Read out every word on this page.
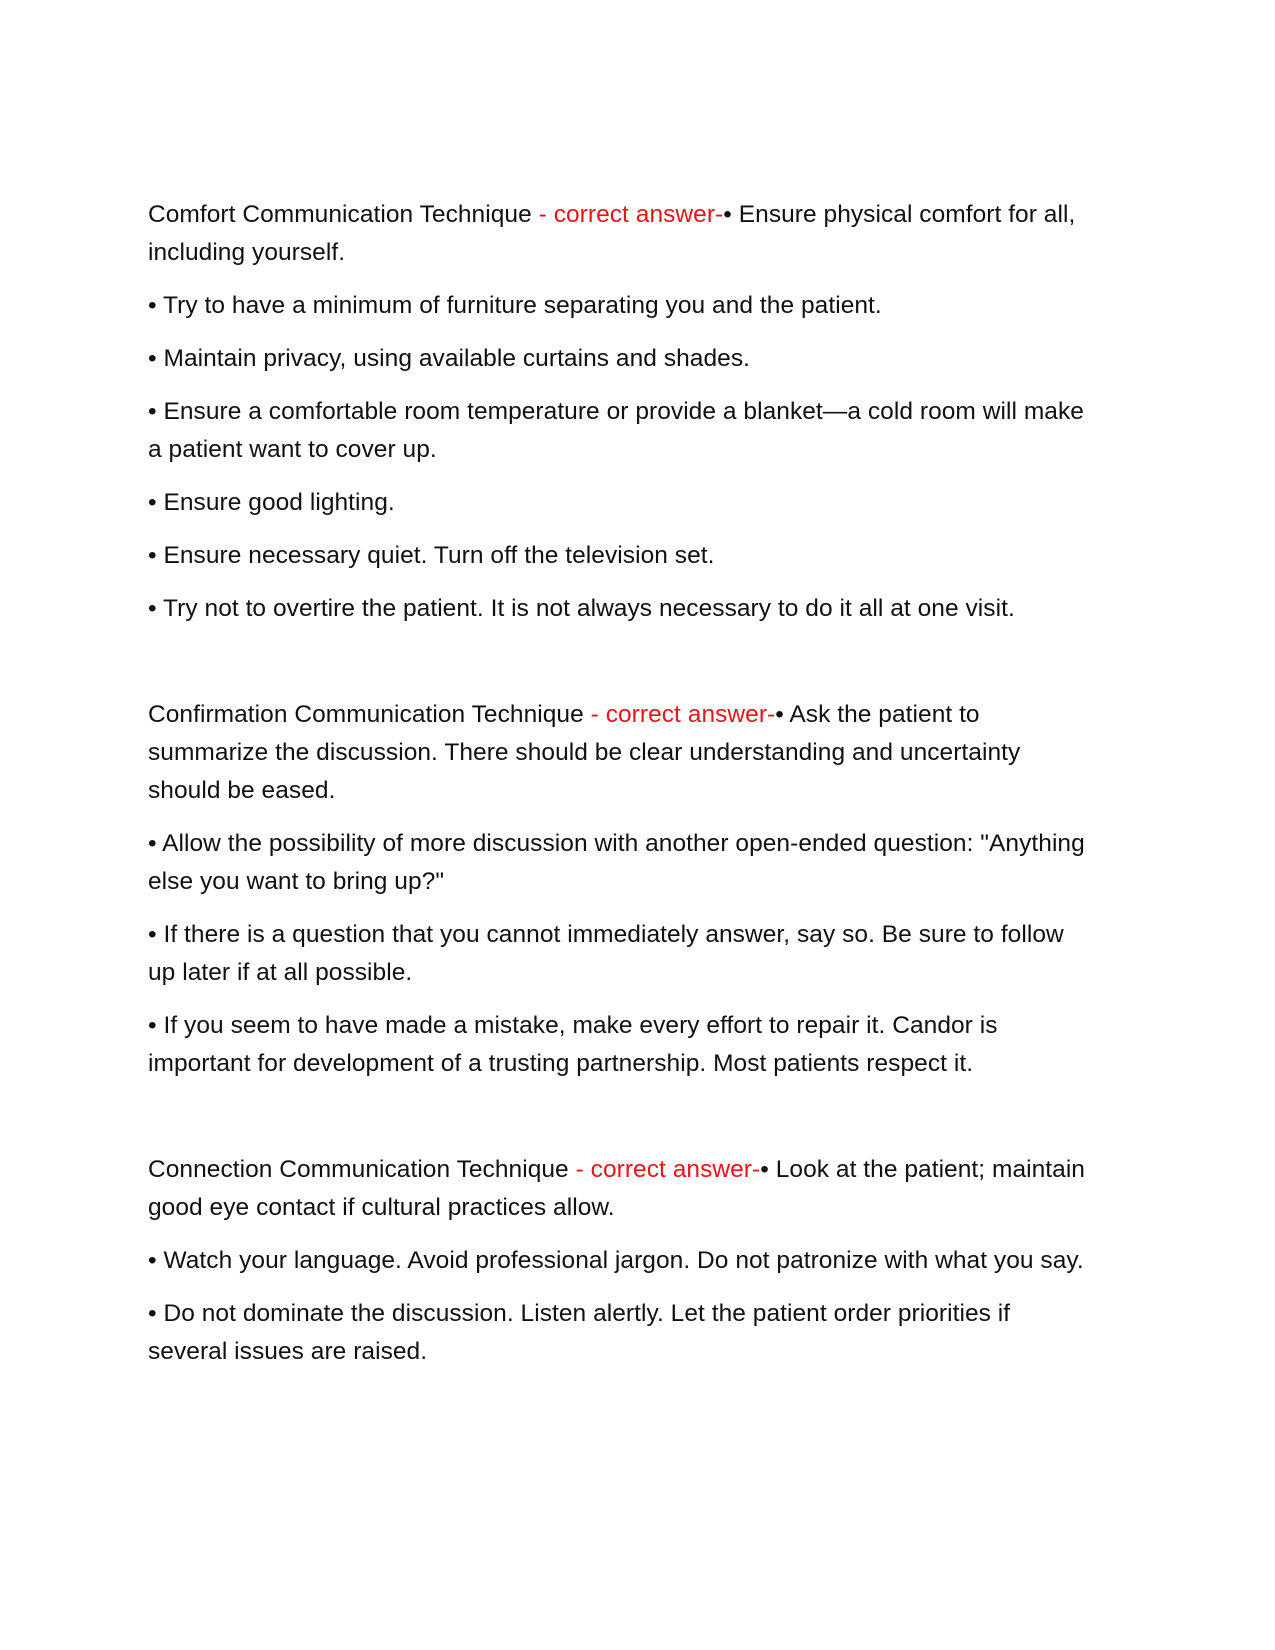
Comfort Communication Technique - correct answer-• Ensure physical comfort for all, including yourself.

• Try to have a minimum of furniture separating you and the patient.

• Maintain privacy, using available curtains and shades.

• Ensure a comfortable room temperature or provide a blanket—a cold room will make a patient want to cover up.

• Ensure good lighting.

• Ensure necessary quiet. Turn off the television set.

• Try not to overtire the patient. It is not always necessary to do it all at one visit.

Confirmation Communication Technique - correct answer-• Ask the patient to summarize the discussion. There should be clear understanding and uncertainty should be eased.

• Allow the possibility of more discussion with another open-ended question: "Anything else you want to bring up?"

• If there is a question that you cannot immediately answer, say so. Be sure to follow up later if at all possible.

• If you seem to have made a mistake, make every effort to repair it. Candor is important for development of a trusting partnership. Most patients respect it.

Connection Communication Technique - correct answer-• Look at the patient; maintain good eye contact if cultural practices allow.

• Watch your language. Avoid professional jargon. Do not patronize with what you say.

• Do not dominate the discussion. Listen alertly. Let the patient order priorities if several issues are raised.
